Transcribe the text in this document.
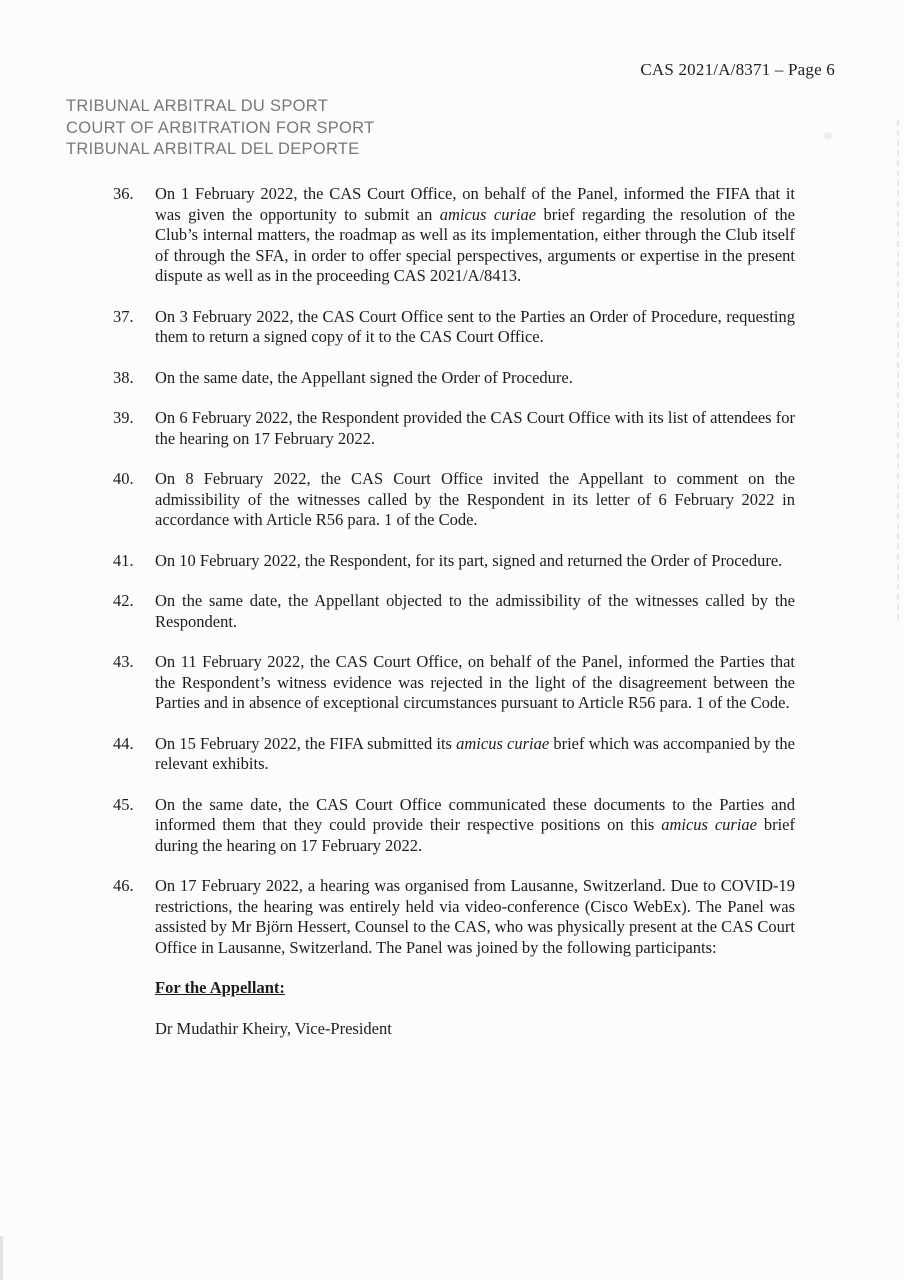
CAS 2021/A/8371 – Page 6
TRIBUNAL ARBITRAL DU SPORT
COURT OF ARBITRATION FOR SPORT
TRIBUNAL ARBITRAL DEL DEPORTE
36.	On 1 February 2022, the CAS Court Office, on behalf of the Panel, informed the FIFA that it was given the opportunity to submit an amicus curiae brief regarding the resolution of the Club’s internal matters, the roadmap as well as its implementation, either through the Club itself of through the SFA, in order to offer special perspectives, arguments or expertise in the present dispute as well as in the proceeding CAS 2021/A/8413.
37.	On 3 February 2022, the CAS Court Office sent to the Parties an Order of Procedure, requesting them to return a signed copy of it to the CAS Court Office.
38.	On the same date, the Appellant signed the Order of Procedure.
39.	On 6 February 2022, the Respondent provided the CAS Court Office with its list of attendees for the hearing on 17 February 2022.
40.	On 8 February 2022, the CAS Court Office invited the Appellant to comment on the admissibility of the witnesses called by the Respondent in its letter of 6 February 2022 in accordance with Article R56 para. 1 of the Code.
41.	On 10 February 2022, the Respondent, for its part, signed and returned the Order of Procedure.
42.	On the same date, the Appellant objected to the admissibility of the witnesses called by the Respondent.
43.	On 11 February 2022, the CAS Court Office, on behalf of the Panel, informed the Parties that the Respondent’s witness evidence was rejected in the light of the disagreement between the Parties and in absence of exceptional circumstances pursuant to Article R56 para. 1 of the Code.
44.	On 15 February 2022, the FIFA submitted its amicus curiae brief which was accompanied by the relevant exhibits.
45.	On the same date, the CAS Court Office communicated these documents to the Parties and informed them that they could provide their respective positions on this amicus curiae brief during the hearing on 17 February 2022.
46.	On 17 February 2022, a hearing was organised from Lausanne, Switzerland. Due to COVID-19 restrictions, the hearing was entirely held via video-conference (Cisco WebEx). The Panel was assisted by Mr Björn Hessert, Counsel to the CAS, who was physically present at the CAS Court Office in Lausanne, Switzerland. The Panel was joined by the following participants:
For the Appellant:
Dr Mudathir Kheiry, Vice-President
